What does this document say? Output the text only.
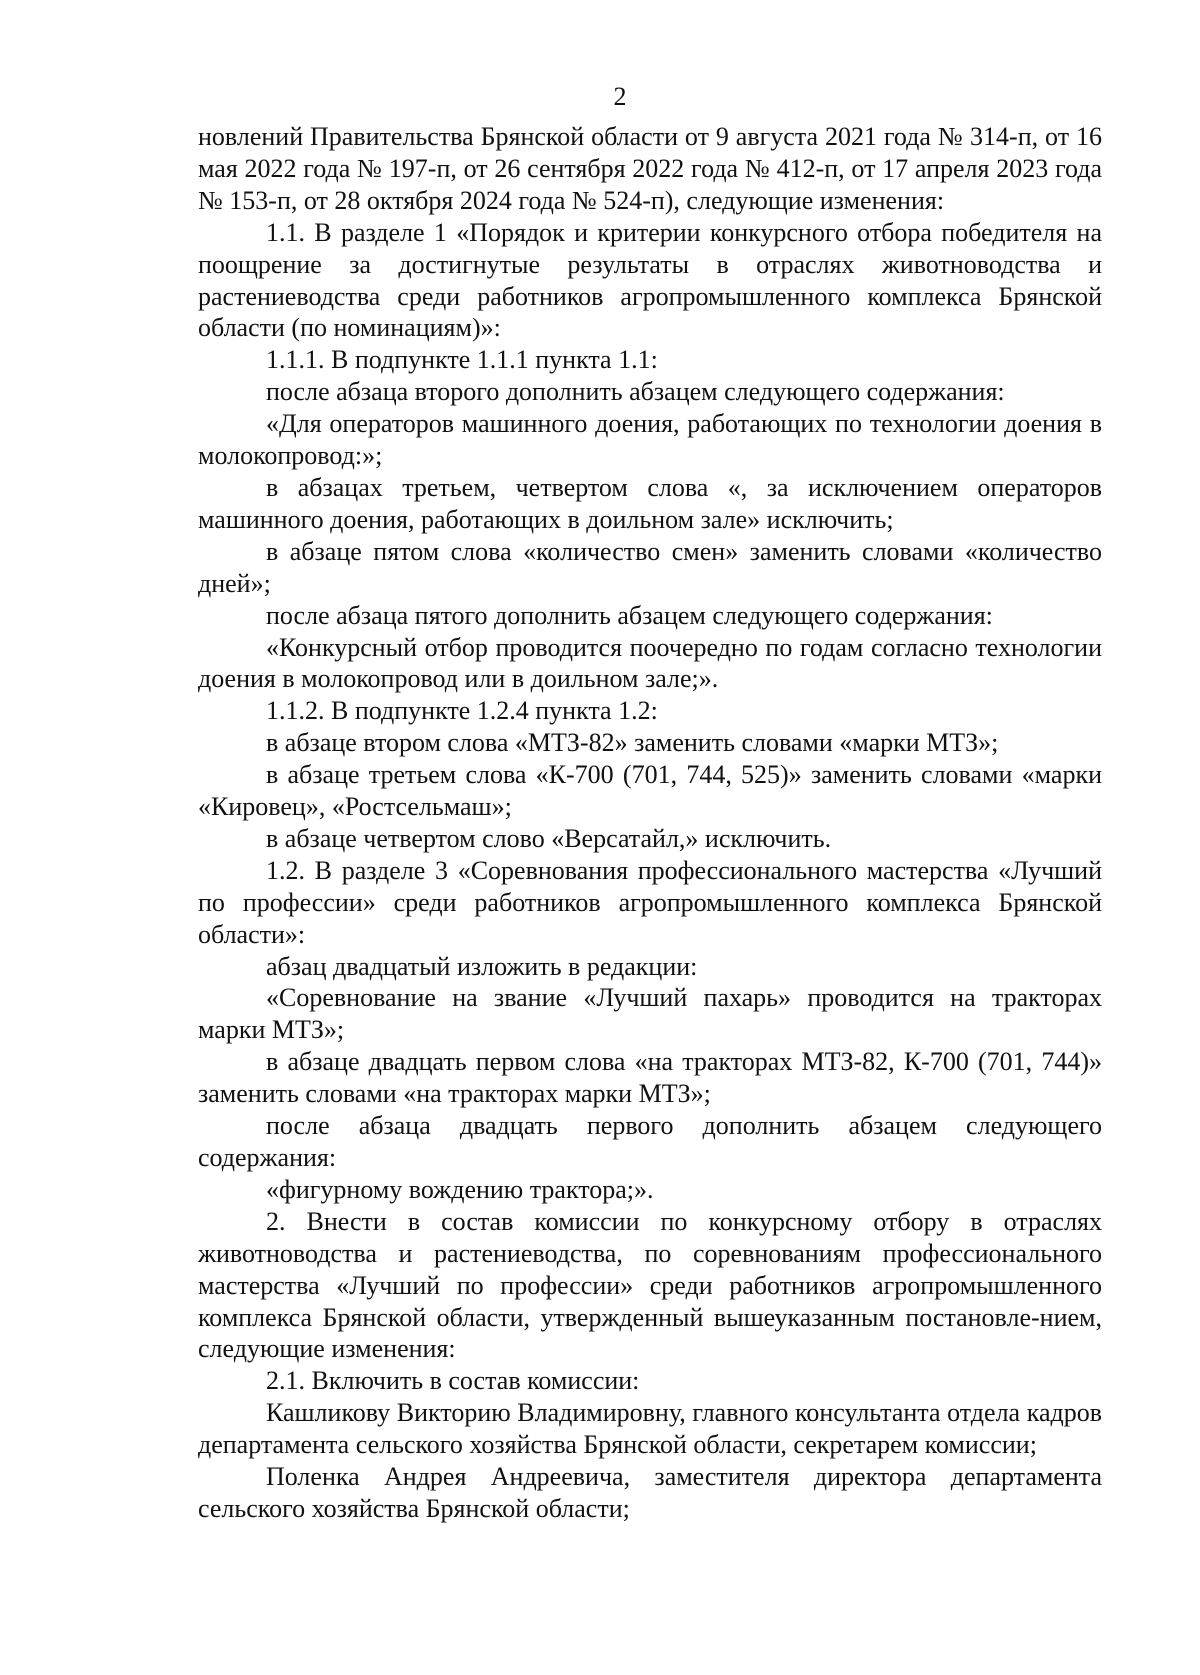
2

новлений Правительства Брянской области от 9 августа 2021 года № 314-п, от 16 мая 2022 года № 197-п, от 26 сентября 2022 года № 412-п, от 17 апреля 2023 года № 153-п, от 28 октября 2024 года № 524-п), следующие изменения:

1.1. В разделе 1 «Порядок и критерии конкурсного отбора победителя на поощрение за достигнутые результаты в отраслях животноводства и растениеводства среди работников агропромышленного комплекса Брянской области (по номинациям)»:

1.1.1. В подпункте 1.1.1 пункта 1.1:

после абзаца второго дополнить абзацем следующего содержания:

«Для операторов машинного доения, работающих по технологии доения в молокопровод:»;

в абзацах третьем, четвертом слова «, за исключением операторов машинного доения, работающих в доильном зале» исключить;

в абзаце пятом слова «количество смен» заменить словами «количество дней»;

после абзаца пятого дополнить абзацем следующего содержания:

«Конкурсный отбор проводится поочередно по годам согласно технологии доения в молокопровод или в доильном зале;».

1.1.2. В подпункте 1.2.4 пункта 1.2:

в абзаце втором слова «МТЗ-82» заменить словами «марки МТЗ»;

в абзаце третьем слова «К-700 (701, 744, 525)» заменить словами «марки «Кировец», «Ростсельмаш»;

в абзаце четвертом слово «Версатайл,» исключить.

1.2. В разделе 3 «Соревнования профессионального мастерства «Лучший по профессии» среди работников агропромышленного комплекса Брянской области»:

абзац двадцатый изложить в редакции:

«Соревнование на звание «Лучший пахарь» проводится на тракторах марки МТЗ»;

в абзаце двадцать первом слова «на тракторах МТЗ-82, К-700 (701, 744)» заменить словами «на тракторах марки МТЗ»;

после абзаца двадцать первого дополнить абзацем следующего содержания:

«фигурному вождению трактора;».

2. Внести в состав комиссии по конкурсному отбору в отраслях животноводства и растениеводства, по соревнованиям профессионального мастерства «Лучший по профессии» среди работников агропромышленного комплекса Брянской области, утвержденный вышеуказанным постановле-нием, следующие изменения:

2.1. Включить в состав комиссии:

Кашликову Викторию Владимировну, главного консультанта отдела кадров департамента сельского хозяйства Брянской области, секретарем комиссии;

Поленка Андрея Андреевича, заместителя директора департамента сельского хозяйства Брянской области;
